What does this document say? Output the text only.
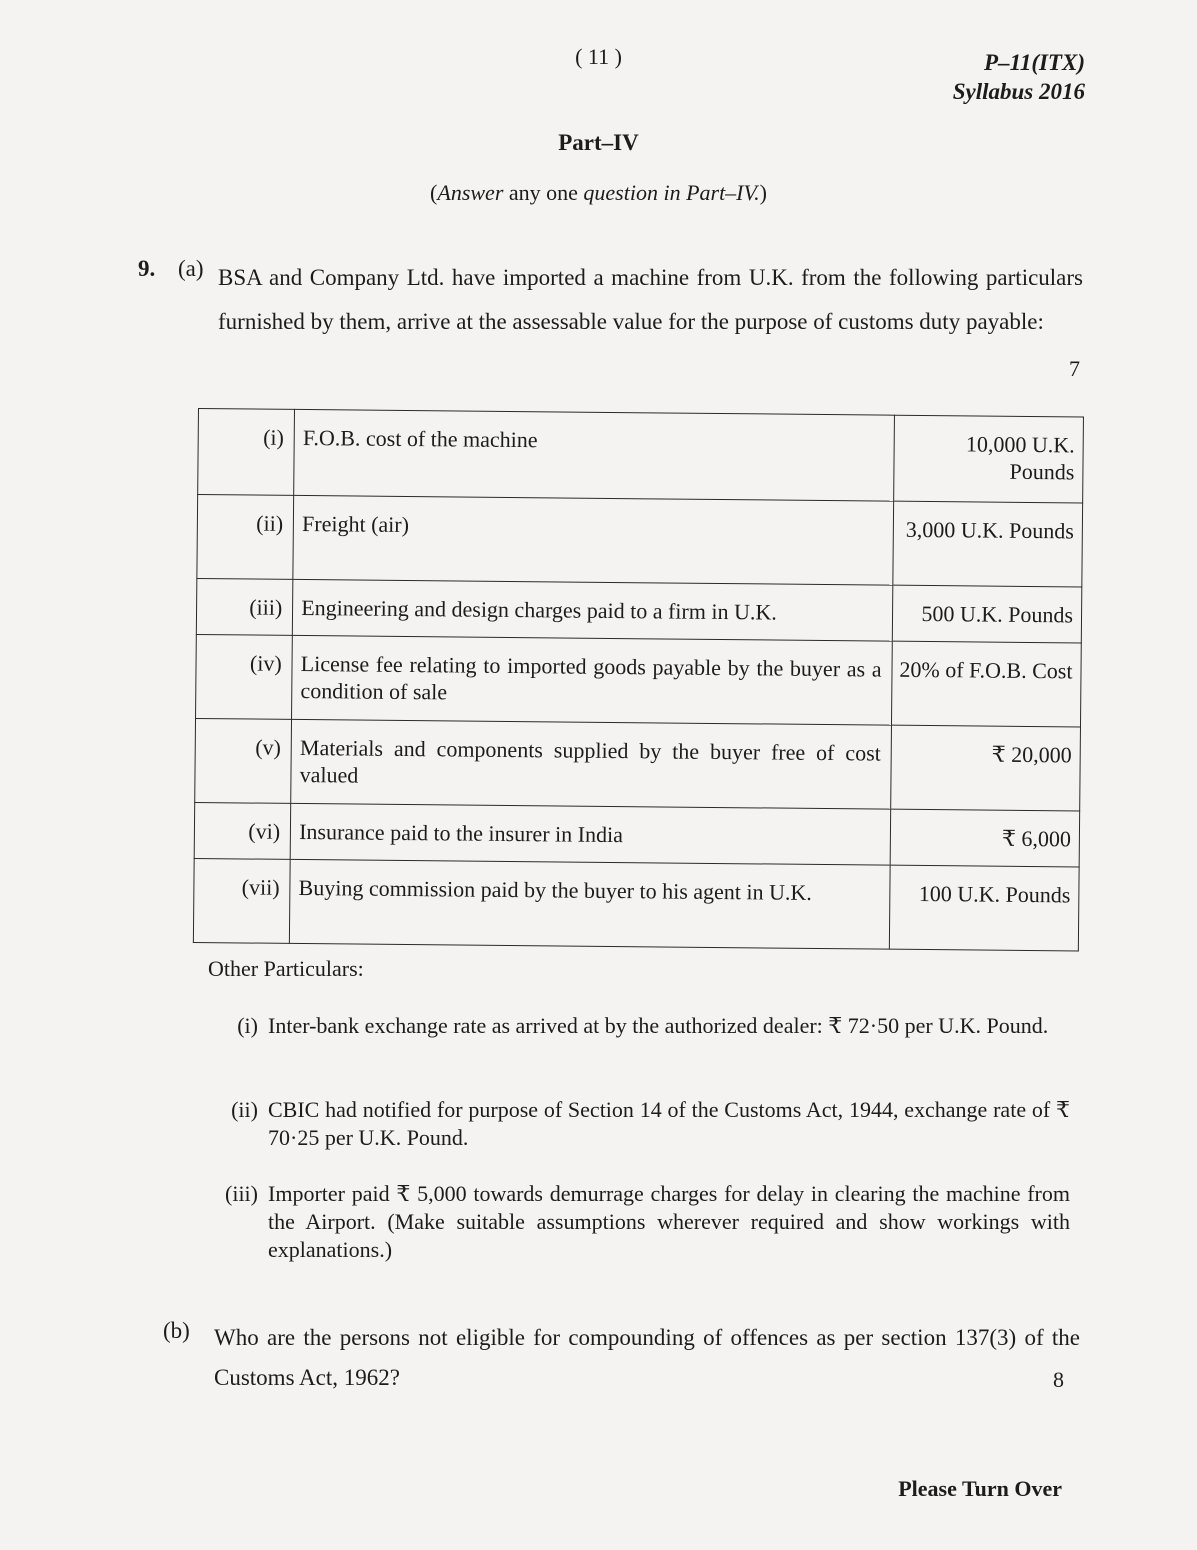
( 11 )	P–11(ITX)
Syllabus 2016
Part–IV
(Answer any one question in Part–IV.)
9. (a) BSA and Company Ltd. have imported a machine from U.K. from the following particulars furnished by them, arrive at the assessable value for the purpose of customs duty payable:
7
(i)	F.O.B. cost of the machine	10,000 U.K. Pounds
(ii)	Freight (air)	3,000 U.K. Pounds
(iii)	Engineering and design charges paid to a firm in U.K.	500 U.K. Pounds
(iv)	License fee relating to imported goods payable by the buyer as a condition of sale	20% of F.O.B. Cost
(v)	Materials and components supplied by the buyer free of cost valued	₹ 20,000
(vi)	Insurance paid to the insurer in India	₹ 6,000
(vii)	Buying commission paid by the buyer to his agent in U.K.	100 U.K. Pounds
Other Particulars:
(i) Inter-bank exchange rate as arrived at by the authorized dealer: ₹ 72·50 per U.K. Pound.
(ii) CBIC had notified for purpose of Section 14 of the Customs Act, 1944, exchange rate of ₹ 70·25 per U.K. Pound.
(iii) Importer paid ₹ 5,000 towards demurrage charges for delay in clearing the machine from the Airport. (Make suitable assumptions wherever required and show workings with explanations.)
(b) Who are the persons not eligible for compounding of offences as per section 137(3) of the Customs Act, 1962?	8
Please Turn Over
